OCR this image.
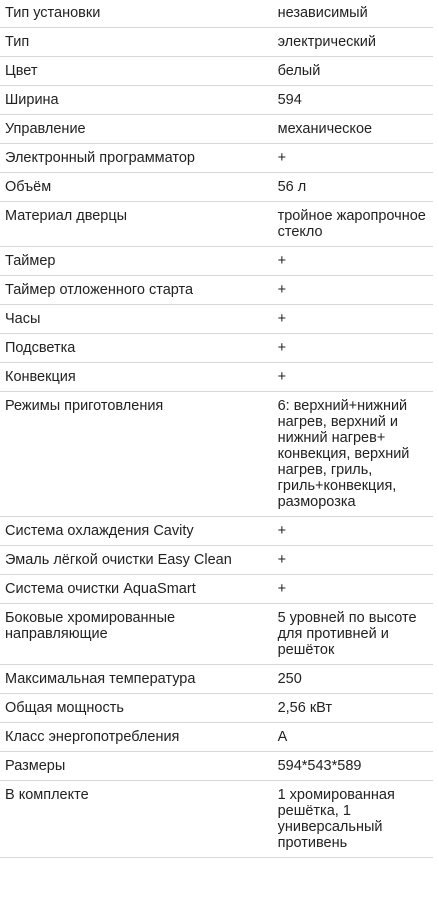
Тип установки	независимый
Тип	электрический
Цвет	белый
Ширина	594
Управление	механическое
Электронный программатор	+
Объём	56 л
Материал дверцы	тройное жаропрочное стекло
Таймер	+
Таймер отложенного старта	+
Часы	+
Подсветка	+
Конвекция	+
Режимы приготовления	6: верхний+нижний нагрев, верхний и нижний нагрев+ конвекция, верхний нагрев, гриль, гриль+конвекция, разморозка
Система охлаждения Cavity	+
Эмаль лёгкой очистки Easy Clean	+
Система очистки AquaSmart	+
Боковые хромированные направляющие	5 уровней по высоте для противней и решёток
Максимальная температура	250
Общая мощность	2,56 кВт
Класс энергопотребления	А
Размеры	594*543*589
В комплекте	1 хромированная решётка, 1 универсальный противень
